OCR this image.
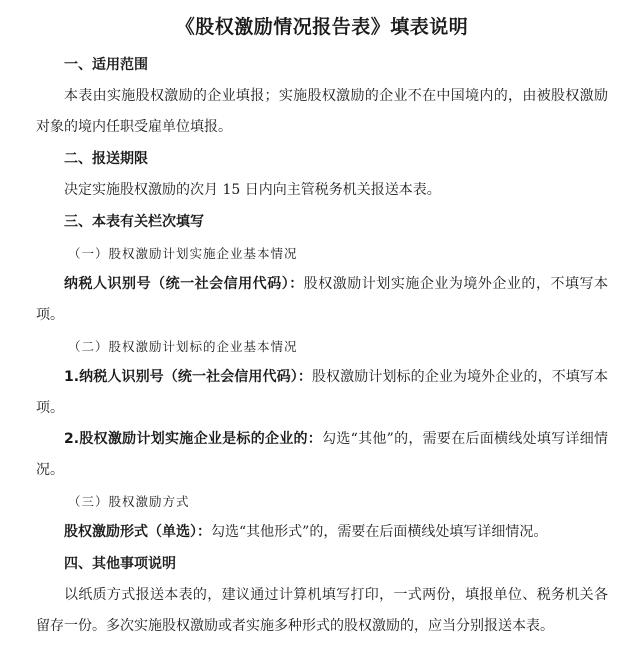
《股权激励情况报告表》填表说明
一、适用范围
本表由实施股权激励的企业填报；实施股权激励的企业不在中国境内的，由被股权激励对象的境内任职受雇单位填报。
二、报送期限
决定实施股权激励的次月 15 日内向主管税务机关报送本表。
三、本表有关栏次填写
（一）股权激励计划实施企业基本情况
纳税人识别号（统一社会信用代码）：股权激励计划实施企业为境外企业的，不填写本项。
（二）股权激励计划标的企业基本情况
1.纳税人识别号（统一社会信用代码）：股权激励计划标的企业为境外企业的，不填写本项。
2.股权激励计划实施企业是标的企业的：勾选“其他”的，需要在后面横线处填写详细情况。
（三）股权激励方式
股权激励形式（单选）：勾选“其他形式”的，需要在后面横线处填写详细情况。
四、其他事项说明
以纸质方式报送本表的，建议通过计算机填写打印，一式两份，填报单位、税务机关各留存一份。多次实施股权激励或者实施多种形式的股权激励的，应当分别报送本表。
